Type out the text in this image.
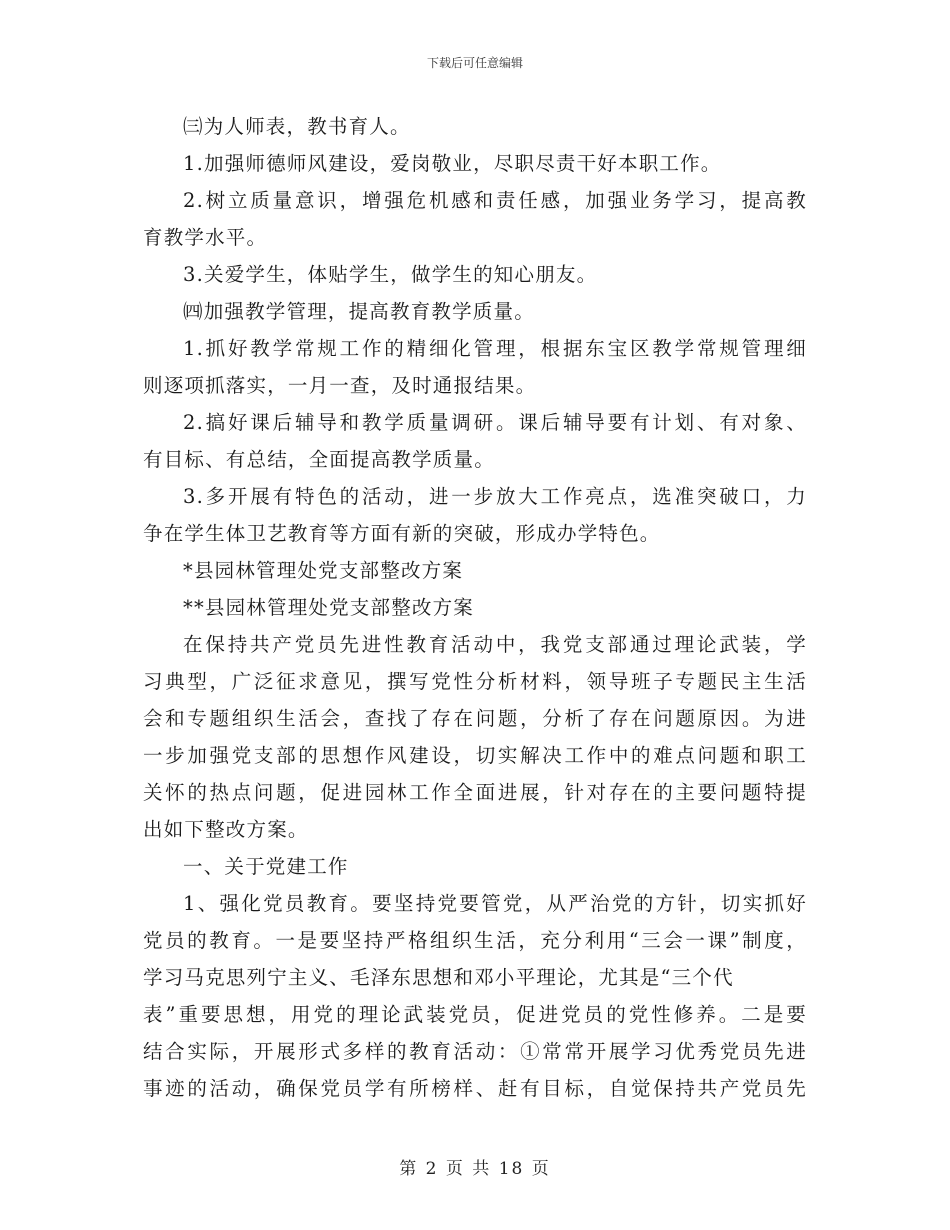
下载后可任意编辑
㈢为人师表，教书育人。
1.加强师德师风建设，爱岗敬业，尽职尽责干好本职工作。
2.树立质量意识，增强危机感和责任感，加强业务学习，提高教
育教学水平。
3.关爱学生，体贴学生，做学生的知心朋友。
㈣加强教学管理，提高教育教学质量。
1.抓好教学常规工作的精细化管理，根据东宝区教学常规管理细
则逐项抓落实，一月一查，及时通报结果。
2.搞好课后辅导和教学质量调研。课后辅导要有计划、有对象、
有目标、有总结，全面提高教学质量。
3.多开展有特色的活动，进一步放大工作亮点，选准突破口，力
争在学生体卫艺教育等方面有新的突破，形成办学特色。
*县园林管理处党支部整改方案
**县园林管理处党支部整改方案
在保持共产党员先进性教育活动中，我党支部通过理论武装，学
习典型，广泛征求意见，撰写党性分析材料，领导班子专题民主生活
会和专题组织生活会，查找了存在问题，分析了存在问题原因。为进
一步加强党支部的思想作风建设，切实解决工作中的难点问题和职工
关怀的热点问题，促进园林工作全面进展，针对存在的主要问题特提
出如下整改方案。
一、关于党建工作
1、强化党员教育。要坚持党要管党，从严治党的方针，切实抓好
党员的教育。一是要坚持严格组织生活，充分利用“三会一课”制度，
学习马克思列宁主义、毛泽东思想和邓小平理论，尤其是“三个代
表”重要思想，用党的理论武装党员，促进党员的党性修养。二是要
结合实际，开展形式多样的教育活动：①常常开展学习优秀党员先进
事迹的活动，确保党员学有所榜样、赶有目标，自觉保持共产党员先
第 2 页 共 18 页
